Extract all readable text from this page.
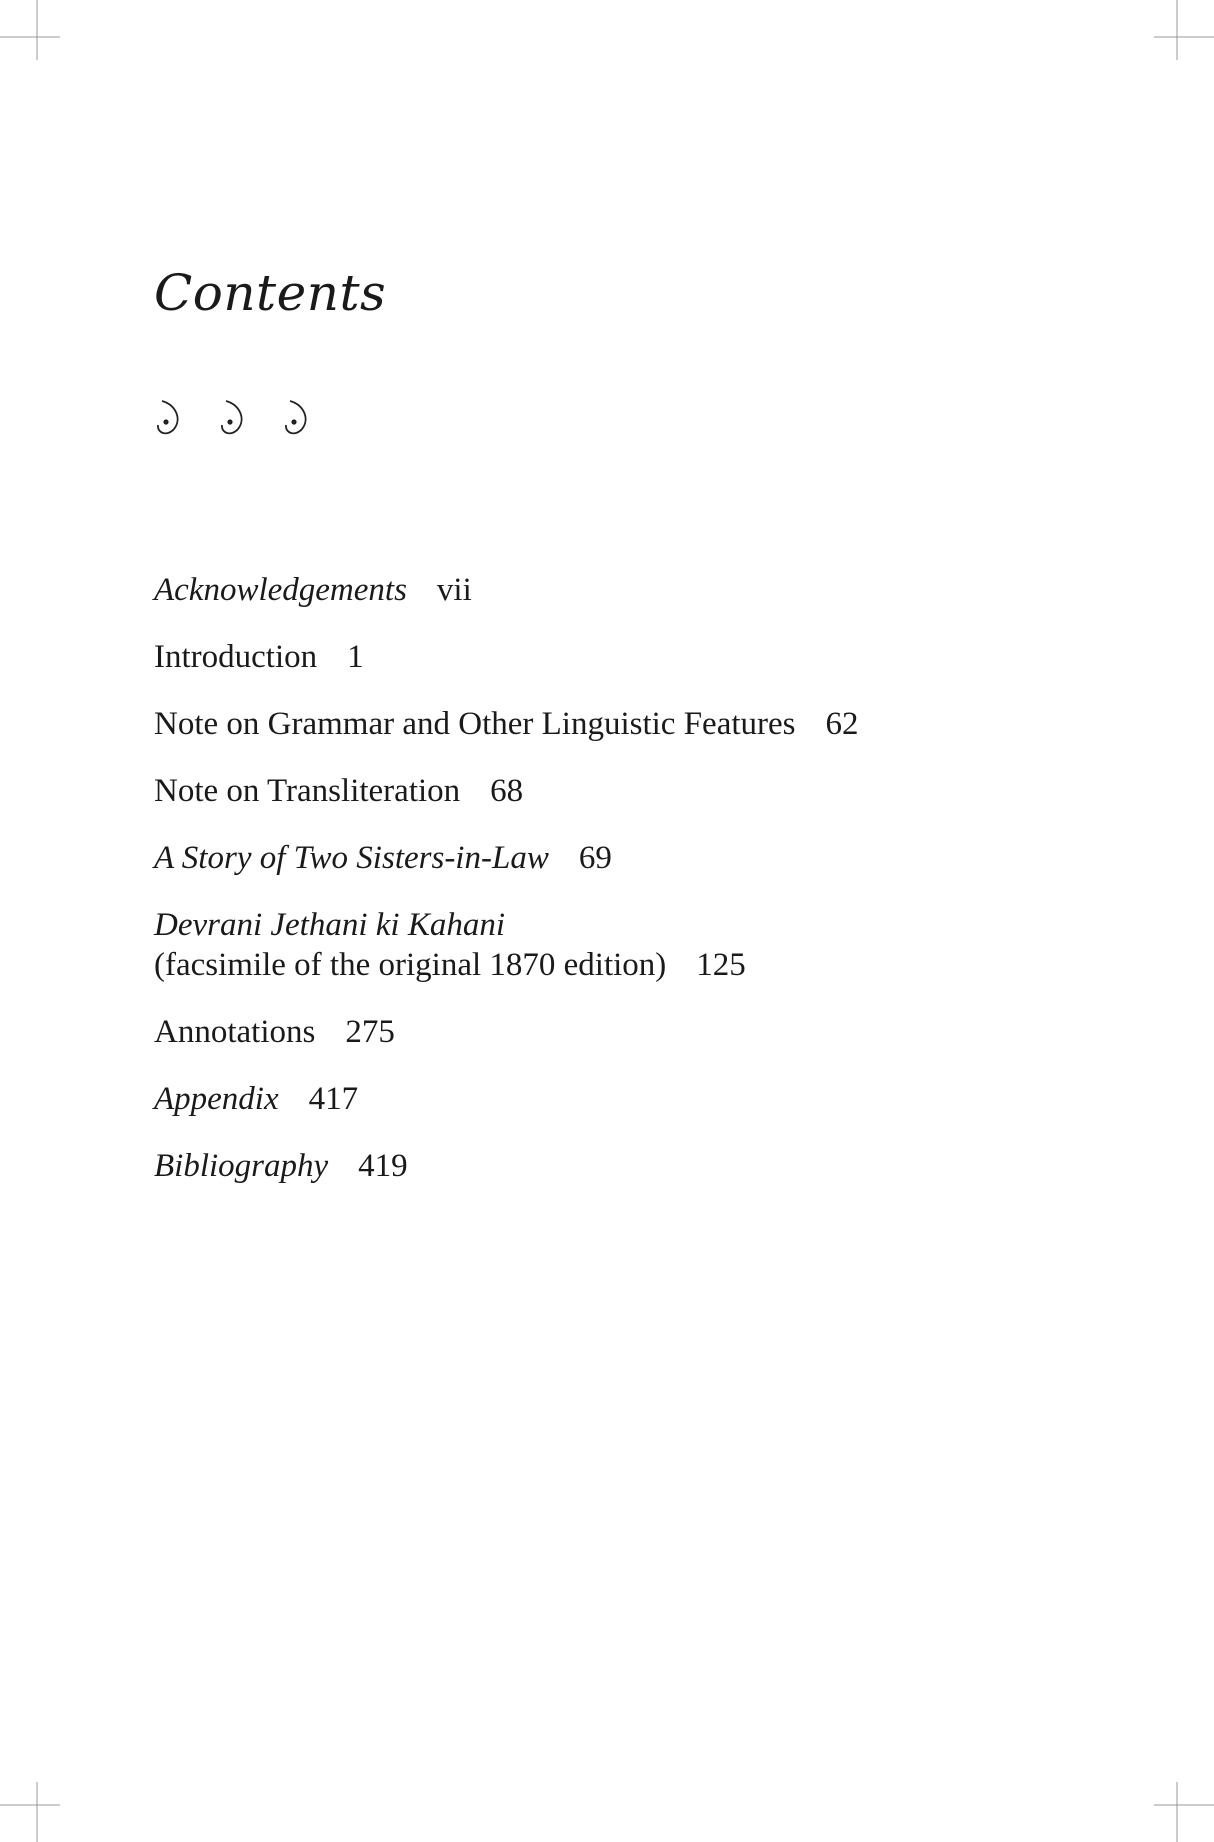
Contents
Acknowledgements vii
Introduction 1
Note on Grammar and Other Linguistic Features 62
Note on Transliteration 68
A Story of Two Sisters-in-Law 69
Devrani Jethani ki Kahani
(facsimile of the original 1870 edition) 125
Annotations 275
Appendix 417
Bibliography 419
